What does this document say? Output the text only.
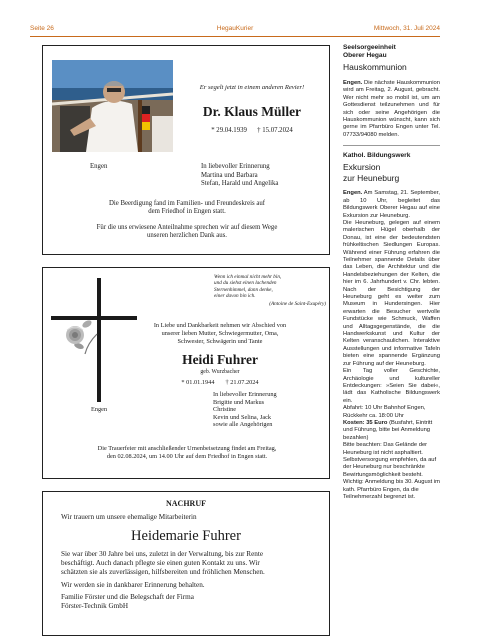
Seite 26	HegauKurier	Mittwoch, 31. Juli 2024
Er segelt jetzt in einem anderen Revier!
Dr. Klaus Müller
* 29.04.1939 † 15.07.2024
Engen	In liebevoller Erinnerung
Martina und Barbara
Stefan, Harald und Angelika
Die Beerdigung fand im Familien- und Freundeskreis auf
dem Friedhof in Engen statt.
Für die uns erwiesene Anteilnahme sprechen wir auf diesem Wege
unseren herzlichen Dank aus.
Wenn ich einmal nicht mehr bin,
und du siehst einen lachenden
Sternenhimmel, dann denke,
einer davon bin ich.
(Antoine de Saint-Exupéry)
In Liebe und Dankbarkeit nehmen wir Abschied von
unserer lieben Mutter, Schwiegermutter, Oma,
Schwester, Schwägerin und Tante
Heidi Fuhrer
geb. Wurzbacher
* 01.01.1944 † 21.07.2024
Engen
In liebevoller Erinnerung
Brigitte und Markus
Christine
Kevin und Selina, Jack
sowie alle Angehörigen
Die Trauerfeier mit anschließender Urnenbeisetzung findet am Freitag,
den 02.08.2024, um 14.00 Uhr auf dem Friedhof in Engen statt.
NACHRUF
Wir trauern um unsere ehemalige Mitarbeiterin
Heidemarie Fuhrer
Sie war über 30 Jahre bei uns, zuletzt in der Verwaltung, bis zur Rente
beschäftigt. Auch danach pflegte sie einen guten Kontakt zu uns. Wir
schätzten sie als zuverlässigen, hilfsbereiten und fröhlichen Menschen.
Wir werden sie in dankbarer Erinnerung behalten.
Familie Förster und die Belegschaft der Firma
Förster-Technik GmbH
Seelsorgeeinheit
Oberer Hegau
Hauskommunion
Engen. Die nächste Hauskommunion wird am Freitag, 2. August, gebracht. Wer nicht mehr so mobil ist, um am Gottesdienst teilzunehmen und für sich oder seine Angehörigen die Hauskommunion wünscht, kann sich gerne im Pfarrbüro Engen unter Tel. 07733/94080 melden.
Kathol. Bildungswerk
Exkursion
zur Heuneburg
Engen. Am Samstag, 21. September, ab 10 Uhr, begleitet das Bildungswerk Oberer Hegau auf eine Exkursion zur Heuneburg.
Die Heuneburg, gelegen auf einem malerischen Hügel oberhalb der Donau, ist eine der bedeutendsten frühkeltischen Siedlungen Europas. Während einer Führung erfahren die Teilnehmer spannende Details über das Leben, die Architektur und die Handelsbeziehungen der Kelten, die hier im 6. Jahrhundert v. Chr. lebten. Nach der Besichtigung der Heuneburg geht es weiter zum Museum in Hundersingen. Hier erwarten die Besucher wertvolle Fundstücke wie Schmuck, Waffen und Alltagsgegenstände, die die Handwerkskunst und Kultur der Kelten veranschaulichen. Interaktive Ausstellungen und informative Tafeln bieten eine spannende Ergänzung zur Führung auf der Heuneburg.
Ein Tag voller Geschichte, Archäologie und kultureller Entdeckungen: »Seien Sie dabei«, lädt das Katholische Bildungswerk ein.
Abfahrt: 10 Uhr Bahnhof Engen, Rückkehr ca. 18:00 Uhr
Kosten: 35 Euro (Busfahrt, Eintritt und Führung, bitte bei Anmeldung bezahlen)
Bitte beachten: Das Gelände der Heuneburg ist nicht asphaltiert. Selbstversorgung empfehlen, da auf der Heuneburg nur beschränkte Bewirtungsmöglichkeit besteht.
Wichtig: Anmeldung bis 30. August im kath. Pfarrbüro Engen, da die Teilnehmerzahl begrenzt ist.
